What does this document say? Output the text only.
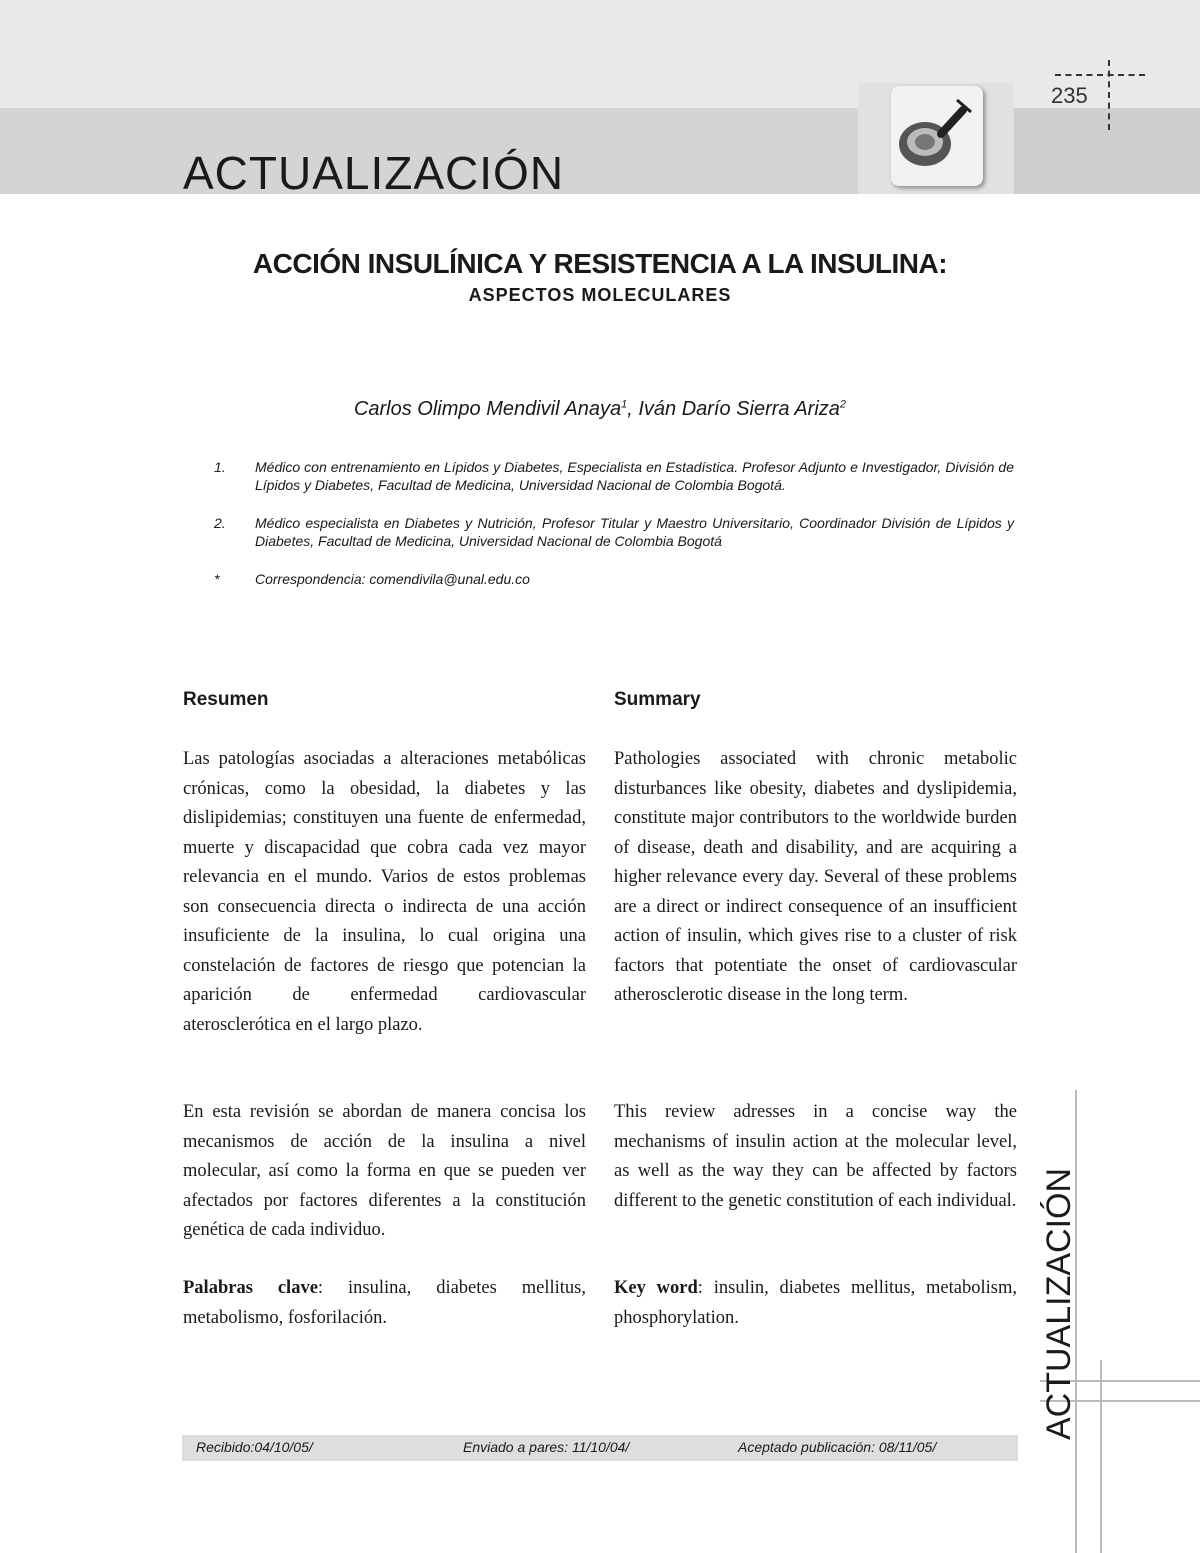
ACTUALIZACIÓN
235
ACCIÓN INSULÍNICA Y RESISTENCIA A LA INSULINA:
ASPECTOS MOLECULARES
Carlos Olimpo Mendivil Anaya$^1$, Iván Darío Sierra Ariza$^2$
1.	Médico con entrenamiento en Lípidos y Diabetes, Especialista en Estadística. Profesor Adjunto e Investigador, División de Lípidos y Diabetes, Facultad de Medicina, Universidad Nacional de Colombia Bogotá.
2.	Médico especialista en Diabetes y Nutrición, Profesor Titular y Maestro Universitario, Coordinador División de Lípidos y Diabetes, Facultad de Medicina, Universidad Nacional de Colombia Bogotá
*	Correspondencia: comendivila@unal.edu.co
Resumen	Summary
Las patologías asociadas a alteraciones metabólicas crónicas, como la obesidad, la diabetes y las dislipidemias; constituyen una fuente de enfermedad, muerte y discapacidad que cobra cada vez mayor relevancia en el mundo. Varios de estos problemas son consecuencia directa o indirecta de una acción insuficiente de la insulina, lo cual origina una constelación de factores de riesgo que potencian la aparición de enfermedad cardiovascular aterosclerótica en el largo plazo.
En esta revisión se abordan de manera concisa los mecanismos de acción de la insulina a nivel molecular, así como la forma en que se pueden ver afectados por factores diferentes a la constitución genética de cada individuo.
Palabras clave: insulina, diabetes mellitus, metabolismo, fosforilación.
Pathologies associated with chronic metabolic disturbances like obesity, diabetes and dyslipidemia, constitute major contributors to the worldwide burden of disease, death and disability, and are acquiring a higher relevance every day. Several of these problems are a direct or indirect consequence of an insufficient action of insulin, which gives rise to a cluster of risk factors that potentiate the onset of cardiovascular atherosclerotic disease in the long term.
This review adresses in a concise way the mechanisms of insulin action at the molecular level, as well as the way they can be affected by factors different to the genetic constitution of each individual.
Key word: insulin, diabetes mellitus, metabolism, phosphorylation.	ACTUALIZACIÓN
Recibido:04/10/05/	Enviado a pares: 11/10/04/	Aceptado publicación: 08/11/05/
